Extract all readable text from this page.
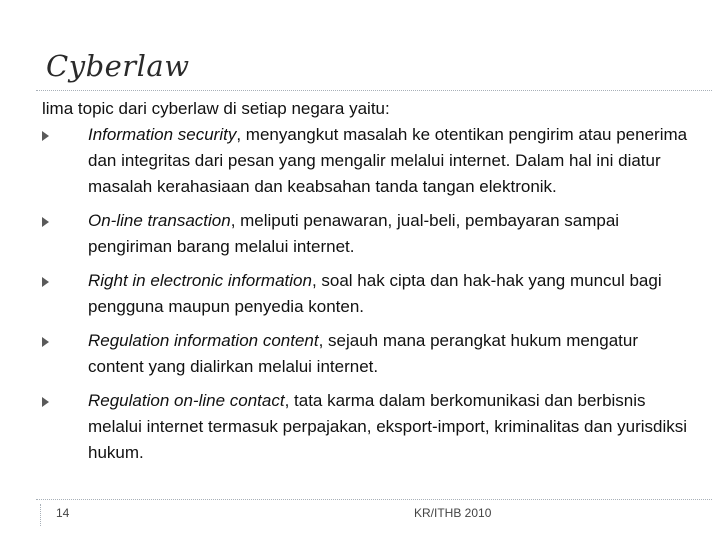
Cyberlaw

lima topic dari cyberlaw di setiap negara yaitu:

Information security, menyangkut masalah ke otentikan pengirim atau penerima dan integritas dari pesan yang mengalir melalui internet. Dalam hal ini diatur masalah kerahasiaan dan keabsahan tanda tangan elektronik.
On-line transaction, meliputi penawaran, jual-beli, pembayaran sampai pengiriman barang melalui internet.
Right in electronic information, soal hak cipta dan hak-hak yang muncul bagi pengguna maupun penyedia konten.
Regulation information content, sejauh mana perangkat hukum mengatur content yang dialirkan melalui internet.
Regulation on-line contact, tata karma dalam berkomunikasi dan berbisnis melalui internet termasuk perpajakan, eksport-import, kriminalitas dan yurisdiksi hukum.
14	KR/ITHB 2010
